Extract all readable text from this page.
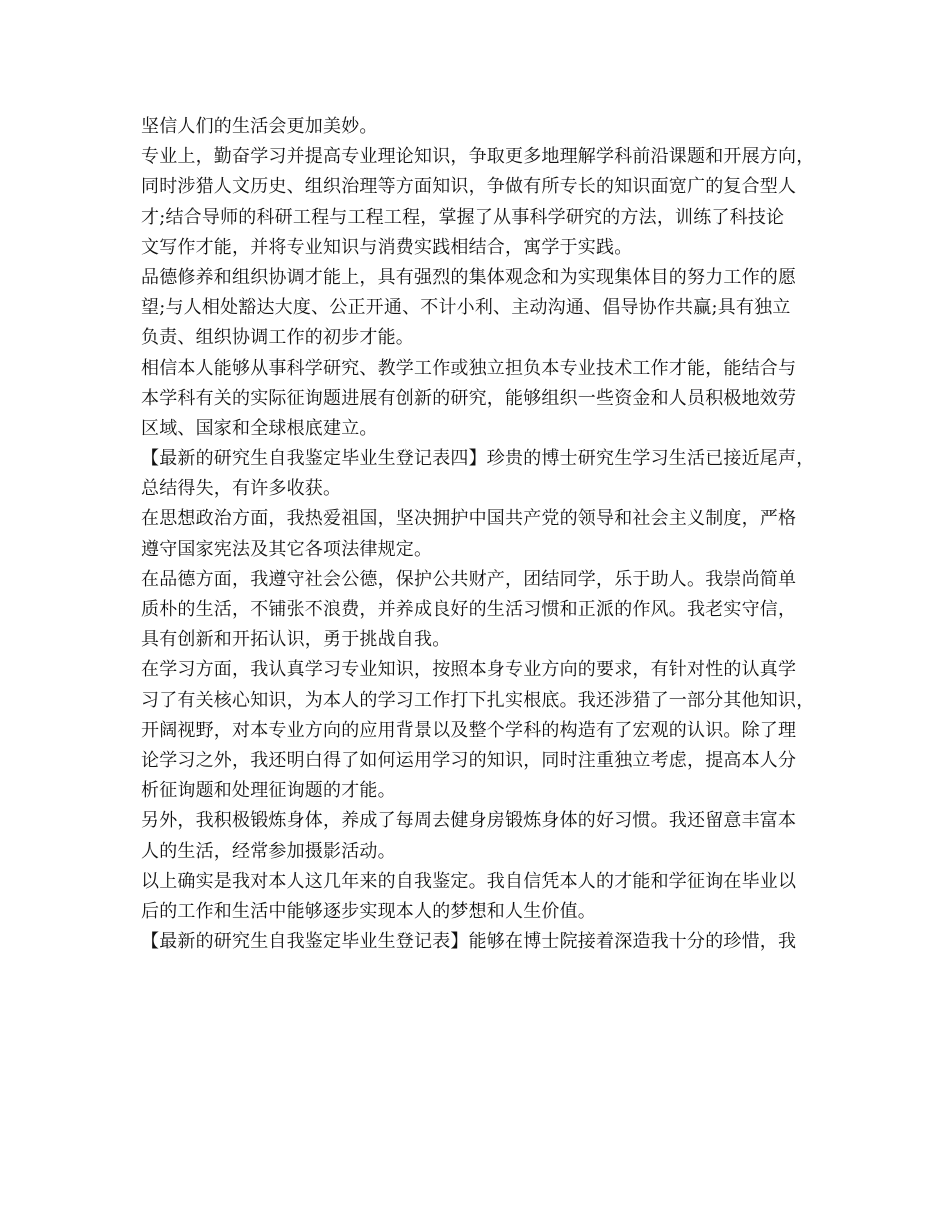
坚信人们的生活会更加美妙。
专业上，勤奋学习并提高专业理论知识，争取更多地理解学科前沿课题和开展方向，
同时涉猎人文历史、组织治理等方面知识，争做有所专长的知识面宽广的复合型人
才;结合导师的科研工程与工程工程，掌握了从事科学研究的方法，训练了科技论
文写作才能，并将专业知识与消费实践相结合，寓学于实践。
品德修养和组织协调才能上，具有强烈的集体观念和为实现集体目的努力工作的愿
望;与人相处豁达大度、公正开通、不计小利、主动沟通、倡导协作共赢;具有独立
负责、组织协调工作的初步才能。
相信本人能够从事科学研究、教学工作或独立担负本专业技术工作才能，能结合与
本学科有关的实际征询题进展有创新的研究，能够组织一些资金和人员积极地效劳
区域、国家和全球根底建立。
【最新的研究生自我鉴定毕业生登记表四】珍贵的博士研究生学习生活已接近尾声，
总结得失，有许多收获。
在思想政治方面，我热爱祖国，坚决拥护中国共产党的领导和社会主义制度，严格
遵守国家宪法及其它各项法律规定。
在品德方面，我遵守社会公德，保护公共财产，团结同学，乐于助人。我崇尚简单
质朴的生活，不铺张不浪费，并养成良好的生活习惯和正派的作风。我老实守信，
具有创新和开拓认识，勇于挑战自我。
在学习方面，我认真学习专业知识，按照本身专业方向的要求，有针对性的认真学
习了有关核心知识，为本人的学习工作打下扎实根底。我还涉猎了一部分其他知识，
开阔视野，对本专业方向的应用背景以及整个学科的构造有了宏观的认识。除了理
论学习之外，我还明白得了如何运用学习的知识，同时注重独立考虑，提高本人分
析征询题和处理征询题的才能。
另外，我积极锻炼身体，养成了每周去健身房锻炼身体的好习惯。我还留意丰富本
人的生活，经常参加摄影活动。
以上确实是我对本人这几年来的自我鉴定。我自信凭本人的才能和学征询在毕业以
后的工作和生活中能够逐步实现本人的梦想和人生价值。
【最新的研究生自我鉴定毕业生登记表】能够在博士院接着深造我十分的珍惜，我
